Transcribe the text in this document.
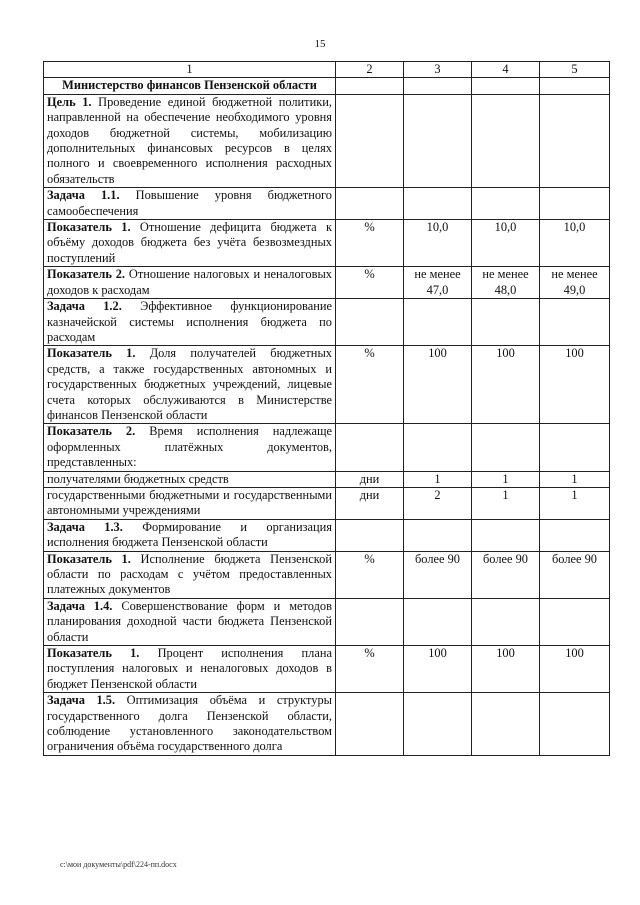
15
1	2	3	4	5
Министерство финансов Пензенской области				
Цель 1. Проведение единой бюджетной политики, направленной на обеспечение необходимого уровня доходов бюджетной системы, мобилизацию дополнительных финансовых ресурсов в целях полного и своевременного исполнения расходных обязательств				
Задача 1.1. Повышение уровня бюджетного самообеспечения				
Показатель 1. Отношение дефицита бюджета к объёму доходов бюджета без учёта безвозмездных поступлений	%	10,0	10,0	10,0
Показатель 2. Отношение налоговых и неналоговых доходов к расходам	%	не менее 47,0	не менее 48,0	не менее 49,0
Задача 1.2. Эффективное функционирование казначейской системы исполнения бюджета по расходам				
Показатель 1. Доля получателей бюджетных средств, а также государственных автономных и государственных бюджетных учреждений, лицевые счета которых обслуживаются в Министерстве финансов Пензенской области	%	100	100	100
Показатель 2. Время исполнения надлежаще оформленных платёжных документов, представленных:				
получателями бюджетных средств	дни	1	1	1
государственными бюджетными и государственными автономными учреждениями	дни	2	1	1
Задача 1.3. Формирование и организация исполнения бюджета Пензенской области				
Показатель 1. Исполнение бюджета Пензенской области по расходам с учётом предоставленных платежных документов	%	более 90	более 90	более 90
Задача 1.4. Совершенствование форм и методов планирования доходной части бюджета Пензенской области				
Показатель 1. Процент исполнения плана поступления налоговых и неналоговых доходов в бюджет Пензенской области	%	100	100	100
Задача 1.5. Оптимизация объёма и структуры государственного долга Пензенской области, соблюдение установленного законодательством ограничения объёма государственного долга				
c:\мои документы\pdf\224-пп.docx
